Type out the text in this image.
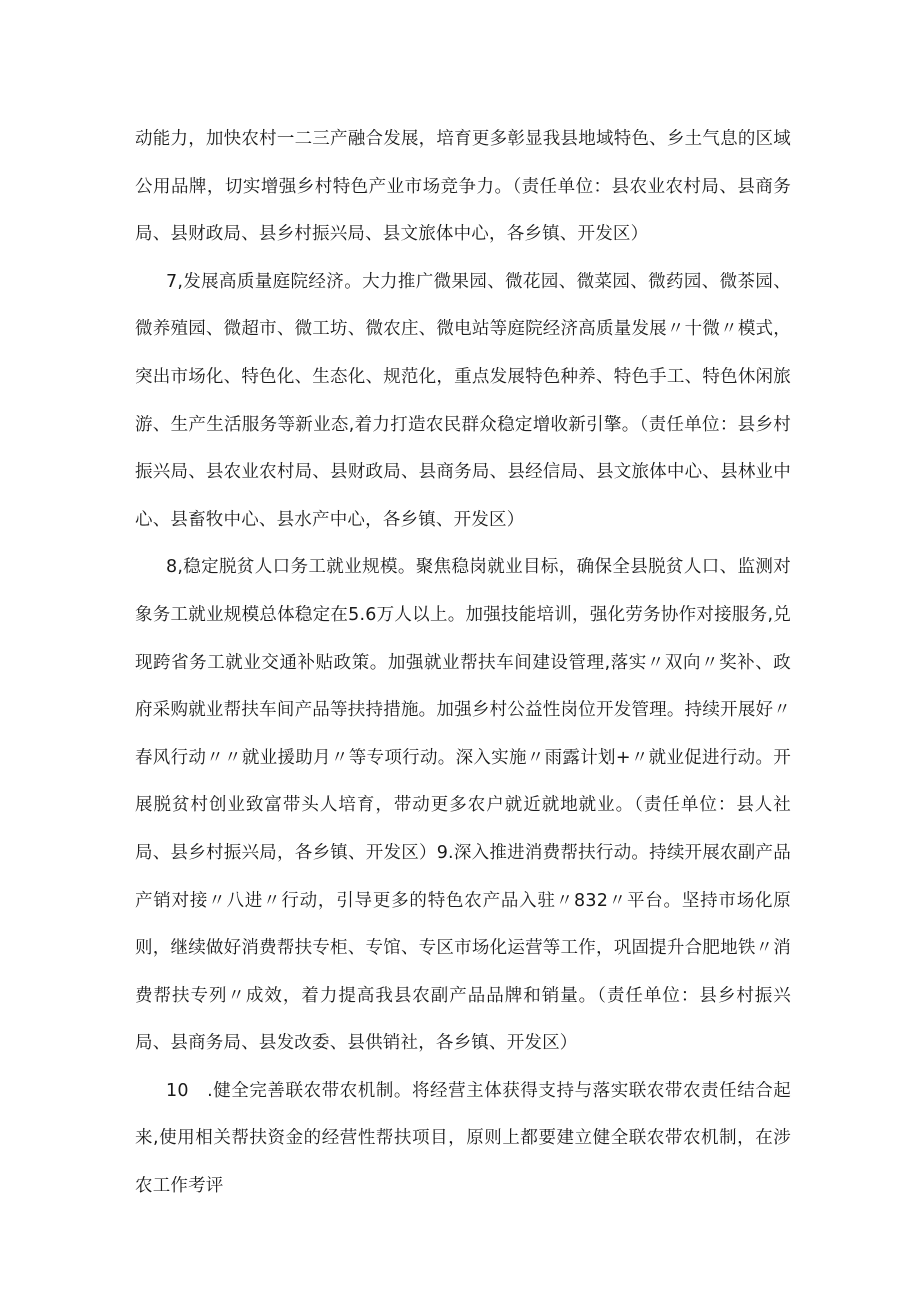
动能力，加快农村一二三产融合发展，培育更多彰显我县地域特色、乡土气息的区域公用品牌，切实增强乡村特色产业市场竞争力。（责任单位：县农业农村局、县商务局、县财政局、县乡村振兴局、县文旅体中心，各乡镇、开发区）

7,发展高质量庭院经济。大力推广微果园、微花园、微菜园、微药园、微茶园、微养殖园、微超市、微工坊、微农庄、微电站等庭院经济高质量发展〃十微〃模式，突出市场化、特色化、生态化、规范化，重点发展特色种养、特色手工、特色休闲旅游、生产生活服务等新业态,着力打造农民群众稳定增收新引擎。（责任单位：县乡村振兴局、县农业农村局、县财政局、县商务局、县经信局、县文旅体中心、县林业中心、县畜牧中心、县水产中心，各乡镇、开发区）

8,稳定脱贫人口务工就业规模。聚焦稳岗就业目标，确保全县脱贫人口、监测对象务工就业规模总体稳定在5.6万人以上。加强技能培训，强化劳务协作对接服务,兑现跨省务工就业交通补贴政策。加强就业帮扶车间建设管理,落实〃双向〃奖补、政府采购就业帮扶车间产品等扶持措施。加强乡村公益性岗位开发管理。持续开展好〃春风行动〃〃就业援助月〃等专项行动。深入实施〃雨露计划+〃就业促进行动。开展脱贫村创业致富带头人培育，带动更多农户就近就地就业。（责任单位：县人社局、县乡村振兴局，各乡镇、开发区）9.深入推进消费帮扶行动。持续开展农副产品产销对接〃八进〃行动，引导更多的特色农产品入驻〃832〃平台。坚持市场化原则，继续做好消费帮扶专柜、专馆、专区市场化运营等工作，巩固提升合肥地铁〃消费帮扶专列〃成效，着力提高我县农副产品品牌和销量。（责任单位：县乡村振兴局、县商务局、县发改委、县供销社，各乡镇、开发区）

10　.健全完善联农带农机制。将经营主体获得支持与落实联农带农责任结合起来,使用相关帮扶资金的经营性帮扶项目，原则上都要建立健全联农带农机制，在涉农工作考评
